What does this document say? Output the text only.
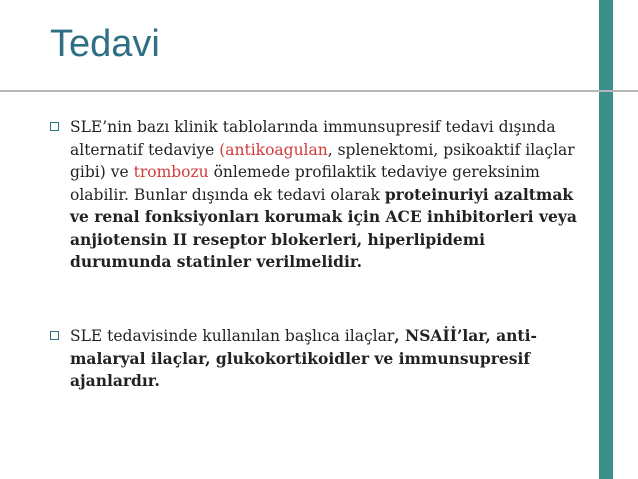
Tedavi
SLE’nin bazı klinik tablolarında immunsupresif tedavi dışında alternatif tedaviye (antikoagulan, splenektomi, psikoaktif ilaçlar gibi) ve trombozu önlemede profilaktik tedaviye gereksinim olabilir. Bunlar dışında ek tedavi olarak proteinuriyi azaltmak ve renal fonksiyonları korumak için ACE inhibitorleri veya anjiotensin II reseptor blokerleri, hiperlipidemi durumunda statinler verilmelidir.
SLE tedavisinde kullanılan başlıca ilaçlar, NSAİİ’lar, anti-malaryal ilaçlar, glukokortikoidler ve immunsupresif ajanlardır.
